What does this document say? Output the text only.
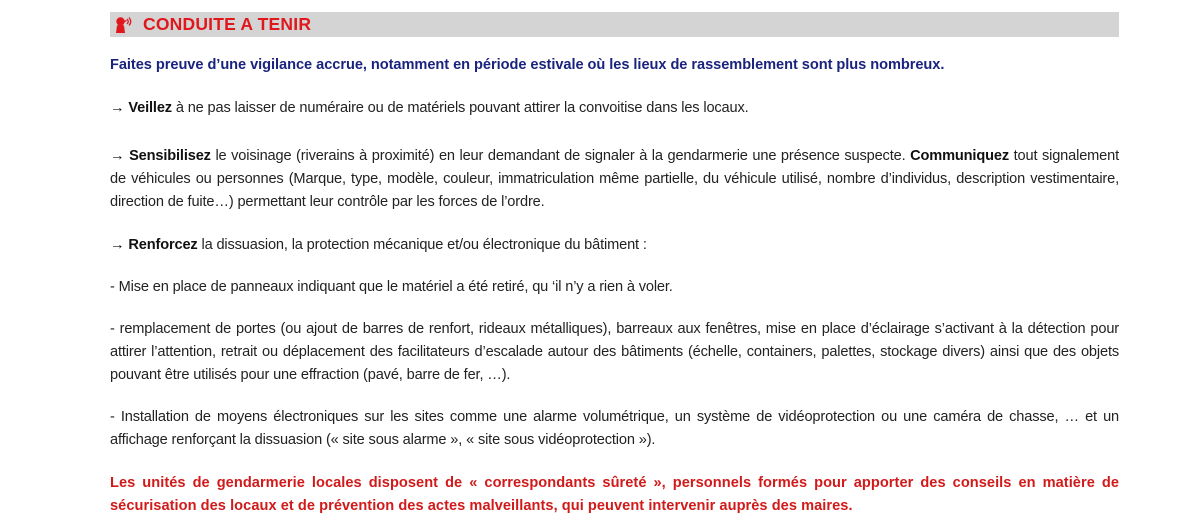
CONDUITE A TENIR

Faites preuve d’une vigilance accrue, notamment en période estivale où les lieux de rassemblement sont plus nombreux.

→ Veillez à ne pas laisser de numéraire ou de matériels pouvant attirer la convoitise dans les locaux.

→ Sensibilisez le voisinage (riverains à proximité) en leur demandant de signaler à la gendarmerie une présence suspecte. Communiquez tout signalement de véhicules ou personnes (Marque, type, modèle, couleur, immatriculation même partielle, du véhicule utilisé, nombre d’individus, description vestimentaire, direction de fuite…) permettant leur contrôle par les forces de l’ordre.

→ Renforcez la dissuasion, la protection mécanique et/ou électronique du bâtiment :

- Mise en place de panneaux indiquant que le matériel a été retiré, qu ‘il n’y a rien à voler.

- remplacement de portes (ou ajout de barres de renfort, rideaux métalliques), barreaux aux fenêtres, mise en place d’éclairage s’activant à la détection pour attirer l’attention, retrait ou déplacement des facilitateurs d’escalade autour des bâtiments (échelle, containers, palettes, stockage divers) ainsi que des objets pouvant être utilisés pour une effraction (pavé, barre de fer, …).

- Installation de moyens électroniques sur les sites comme une alarme volumétrique, un système de vidéoprotection ou une caméra de chasse, … et un affichage renforçant la dissuasion (« site sous alarme », « site sous vidéoprotection »).

Les unités de gendarmerie locales disposent de « correspondants sûreté », personnels formés pour apporter des conseils en matière de sécurisation des locaux et de prévention des actes malveillants, qui peuvent intervenir auprès des maires.
